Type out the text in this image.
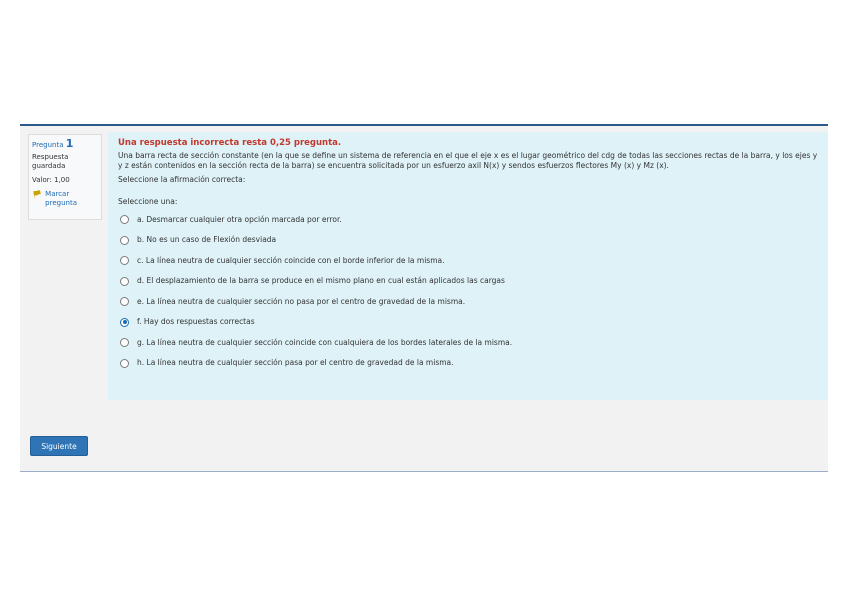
Pregunta 1
Respuesta guardada
Valor: 1,00
🏴︎ Marcar pregunta
Una respuesta incorrecta resta 0,25 pregunta.
Una barra recta de sección constante (en la que se define un sistema de referencia en el que el eje x es el lugar geométrico del cdg de todas las secciones rectas de la barra, y los ejes y y z están contenidos en la sección recta de la barra) se encuentra solicitada por un esfuerzo axil N(x) y sendos esfuerzos flectores My (x) y Mz (x).
Seleccione la afirmación correcta:
Seleccione una:
a. Desmarcar cualquier otra opción marcada por error.
b. No es un caso de Flexión desviada
c. La línea neutra de cualquier sección coincide con el borde inferior de la misma.
d. El desplazamiento de la barra se produce en el mismo plano en cual están aplicados las cargas
e. La línea neutra de cualquier sección no pasa por el centro de gravedad de la misma.
f. Hay dos respuestas correctas
g. La línea neutra de cualquier sección coincide con cualquiera de los bordes laterales de la misma.
h. La línea neutra de cualquier sección pasa por el centro de gravedad de la misma.
Siguiente
